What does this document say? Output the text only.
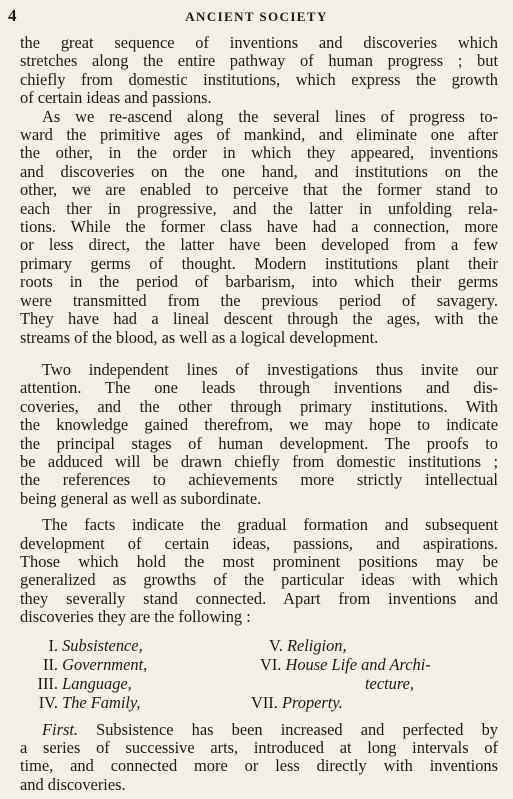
4	ANCIENT SOCIETY

the great sequence of inventions and discoveries which
stretches along the entire pathway of human progress ; but
chiefly from domestic institutions, which express the growth
of certain ideas and passions.

As we re-ascend along the several lines of progress to-
ward the primitive ages of mankind, and eliminate one after
the other, in the order in which they appeared, inventions
and discoveries on the one hand, and institutions on the
other, we are enabled to perceive that the former stand to
each ther in progressive, and the latter in unfolding rela-
tions. While the former class have had a connection, more
or less direct, the latter have been developed from a few
primary germs of thought. Modern institutions plant their
roots in the period of barbarism, into which their germs
were transmitted from the previous period of savagery.
They have had a lineal descent through the ages, with the
streams of the blood, as well as a logical development.

Two independent lines of investigations thus invite our
attention. The one leads through inventions and dis-
coveries, and the other through primary institutions. With
the knowledge gained therefrom, we may hope to indicate
the principal stages of human development. The proofs to
be adduced will be drawn chiefly from domestic institutions ;
the references to achievements more strictly intellectual
being general as well as subordinate.

The facts indicate the gradual formation and subsequent
development of certain ideas, passions, and aspirations.
Those which hold the most prominent positions may be
generalized as growths of the particular ideas with which
they severally stand connected. Apart from inventions and
discoveries they are the following :

I. Subsistence,
II. Government,
III. Language,
IV. The Family,
V. Religion,
VI. House Life and Archi-
tecture,
VII. Property.

First. Subsistence has been increased and perfected by
a series of successive arts, introduced at long intervals of
time, and connected more or less directly with inventions
and discoveries.
